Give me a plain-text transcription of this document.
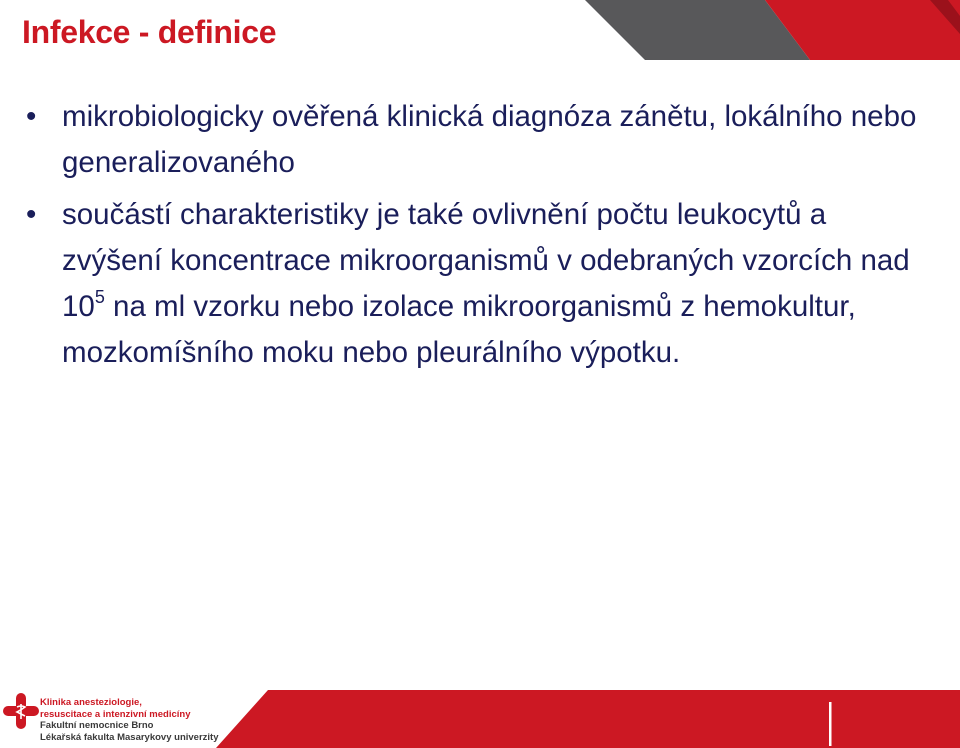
Infekce - definice
• mikrobiologicky ověřená klinická diagnóza zánětu, lokálního nebo generalizovaného

• součástí charakteristiky je také ovlivnění počtu leukocytů a zvýšení koncentrace mikroorganismů v odebraných vzorcích nad $10^5$ na ml vzorku nebo izolace mikroorganismů z hemokultur, mozkomíšního moku nebo pleurálního výpotku.

Klinika anesteziologie,
resuscitace a intenzivní medicíny
Fakultní nemocnice Brno
Lékařská fakulta Masarykovy univerzity
